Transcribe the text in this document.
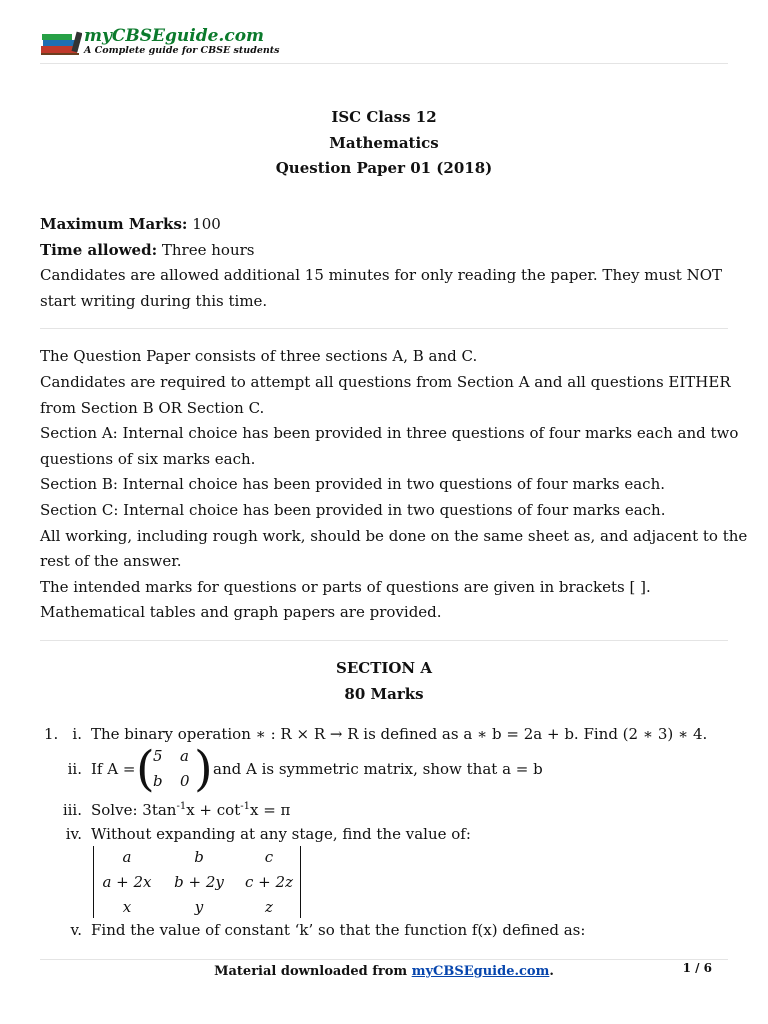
myCBSEguide.com
A Complete guide for CBSE students
ISC Class 12
Mathematics
Question Paper 01 (2018)
Maximum Marks: 100
Time allowed: Three hours
Candidates are allowed additional 15 minutes for only reading the paper. They must NOT
start writing during this time.
The Question Paper consists of three sections A, B and C.
Candidates are required to attempt all questions from Section A and all questions EITHER
from Section B OR Section C.
Section A: Internal choice has been provided in three questions of four marks each and two
questions of six marks each.
Section B: Internal choice has been provided in two questions of four marks each.
Section C: Internal choice has been provided in two questions of four marks each.
All working, including rough work, should be done on the same sheet as, and adjacent to the
rest of the answer.
The intended marks for questions or parts of questions are given in brackets [ ].
Mathematical tables and graph papers are provided.
SECTION A
80 Marks
1. i. The binary operation ∗ : R × R → R is defined as a ∗ b = 2a + b. Find (2 ∗ 3) ∗ 4.
ii. If A = (
5 a
b 0 ) and A is symmetric matrix, show that a = b
iii. Solve: $3\tan^{-1}x + \cot^{-1}x = \pi$
iv. Without expanding at any stage, find the value of:
a	b	c
a + 2x	b + 2y	c + 2z
x	y	z
v. Find the value of constant ‘k’ so that the function f(x) defined as:
Material downloaded from myCBSEguide.com.	1 / 6
